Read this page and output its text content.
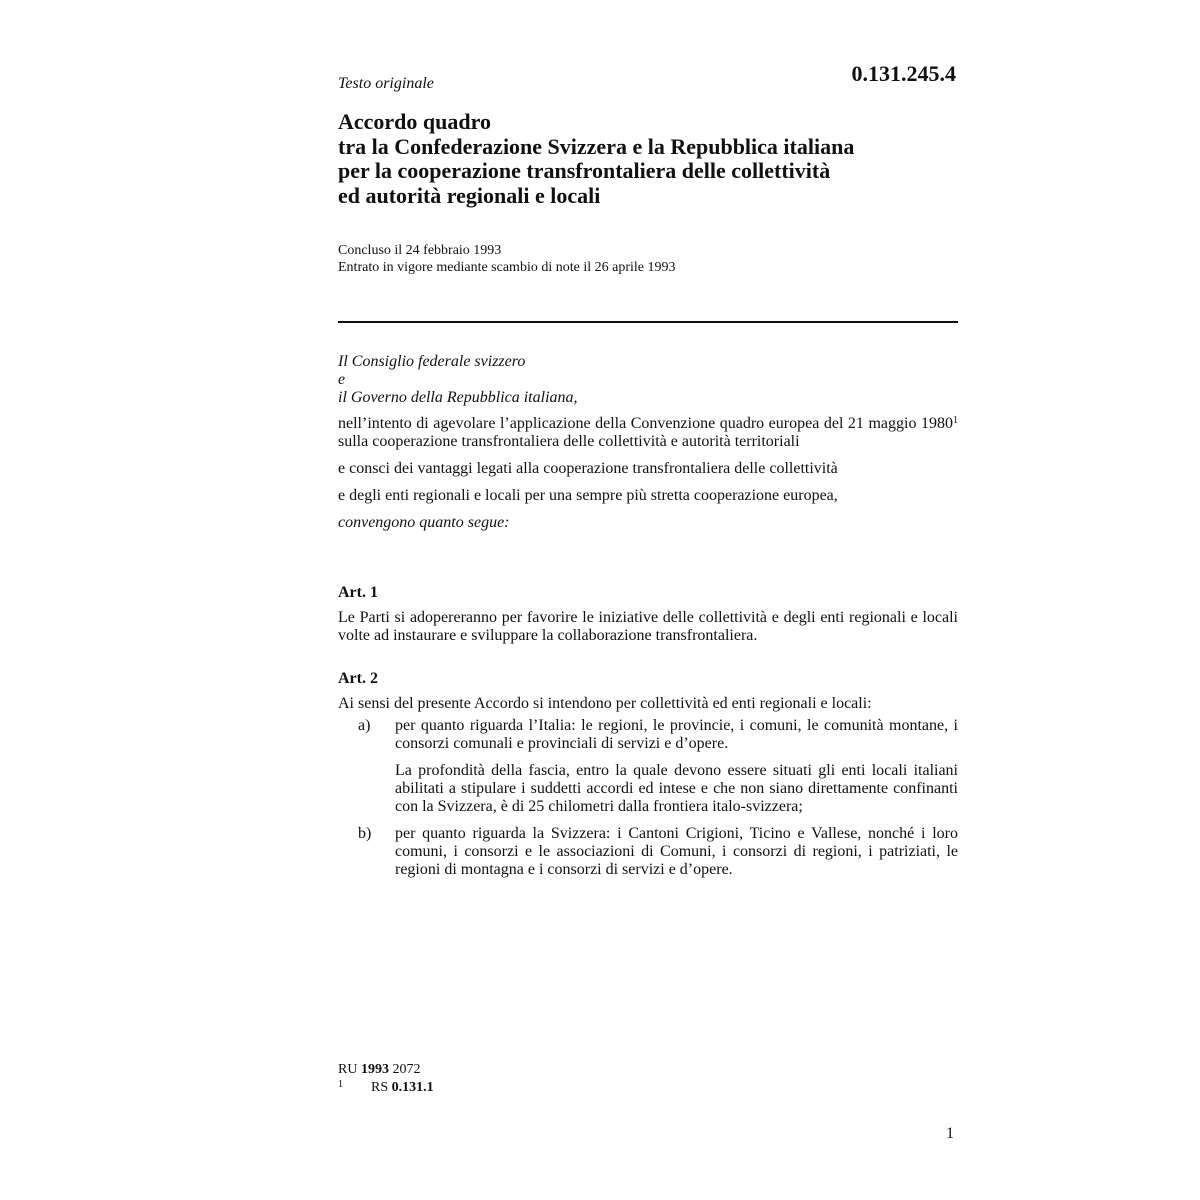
Testo originale	0.131.245.4
Accordo quadro
tra la Confederazione Svizzera e la Repubblica italiana
per la cooperazione transfrontaliera delle collettività
ed autorità regionali e locali
Concluso il 24 febbraio 1993
Entrato in vigore mediante scambio di note il 26 aprile 1993
Il Consiglio federale svizzero
e
il Governo della Repubblica italiana,
nell’intento di agevolare l’applicazione della Convenzione quadro europea del 21 maggio 1980$^1$ sulla cooperazione transfrontaliera delle collettività e autorità territoriali
e consci dei vantaggi legati alla cooperazione transfrontaliera delle collettività
e degli enti regionali e locali per una sempre più stretta cooperazione europea,
convengono quanto segue:
Art. 1
Le Parti si adopereranno per favorire le iniziative delle collettività e degli enti regionali e locali volte ad instaurare e sviluppare la collaborazione transfrontaliera.
Art. 2
Ai sensi del presente Accordo si intendono per collettività ed enti regionali e locali:
a) per quanto riguarda l’Italia: le regioni, le provincie, i comuni, le comunità montane, i consorzi comunali e provinciali di servizi e d’opere.
La profondità della fascia, entro la quale devono essere situati gli enti locali italiani abilitati a stipulare i suddetti accordi ed intese e che non siano direttamente confinanti con la Svizzera, è di 25 chilometri dalla frontiera italo-svizzera;
b) per quanto riguarda la Svizzera: i Cantoni Crigioni, Ticino e Vallese, nonché i loro comuni, i consorzi e le associazioni di Comuni, i consorzi di regioni, i patriziati, le regioni di montagna e i consorzi di servizi e d’opere.
RU 1993 2072
1 RS 0.131.1
1
